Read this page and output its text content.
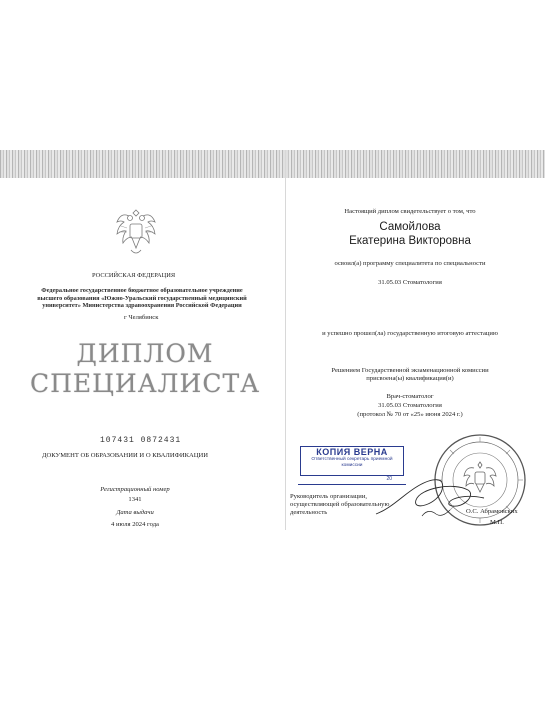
РОССИЙСКАЯ ФЕДЕРАЦИЯ
Федеральное государственное бюджетное образовательное учреждение
высшего образования «Южно-Уральский государственный медицинский
университет» Министерства здравоохранения Российской Федерации
г Челябинск
ДИПЛОМ
СПЕЦИАЛИСТА
107431 0872431
ДОКУМЕНТ ОБ ОБРАЗОВАНИИ И О КВАЛИФИКАЦИИ
Регистрационный номер
1341
Дата выдачи
4 июля 2024 года
Настоящий диплом свидетельствует о том, что
Самойлова
Екатерина Викторовна
освоил(а) программу специалитета по специальности
31.05.03 Стоматология
и успешно прошел(ла) государственную итоговую аттестацию
Решением Государственной экзаменационной комиссии
присвоена(ы) квалификация(и)
Врач-стоматолог
31.05.03 Стоматология
(протокол № 70 от «25» июня 2024 г.)
КОПИЯ ВЕРНА
Ответственный секретарь приемной
комиссии
20
Руководитель организации,
осуществляющей образовательную
деятельность	О.С. Абрамовских
М.П.
